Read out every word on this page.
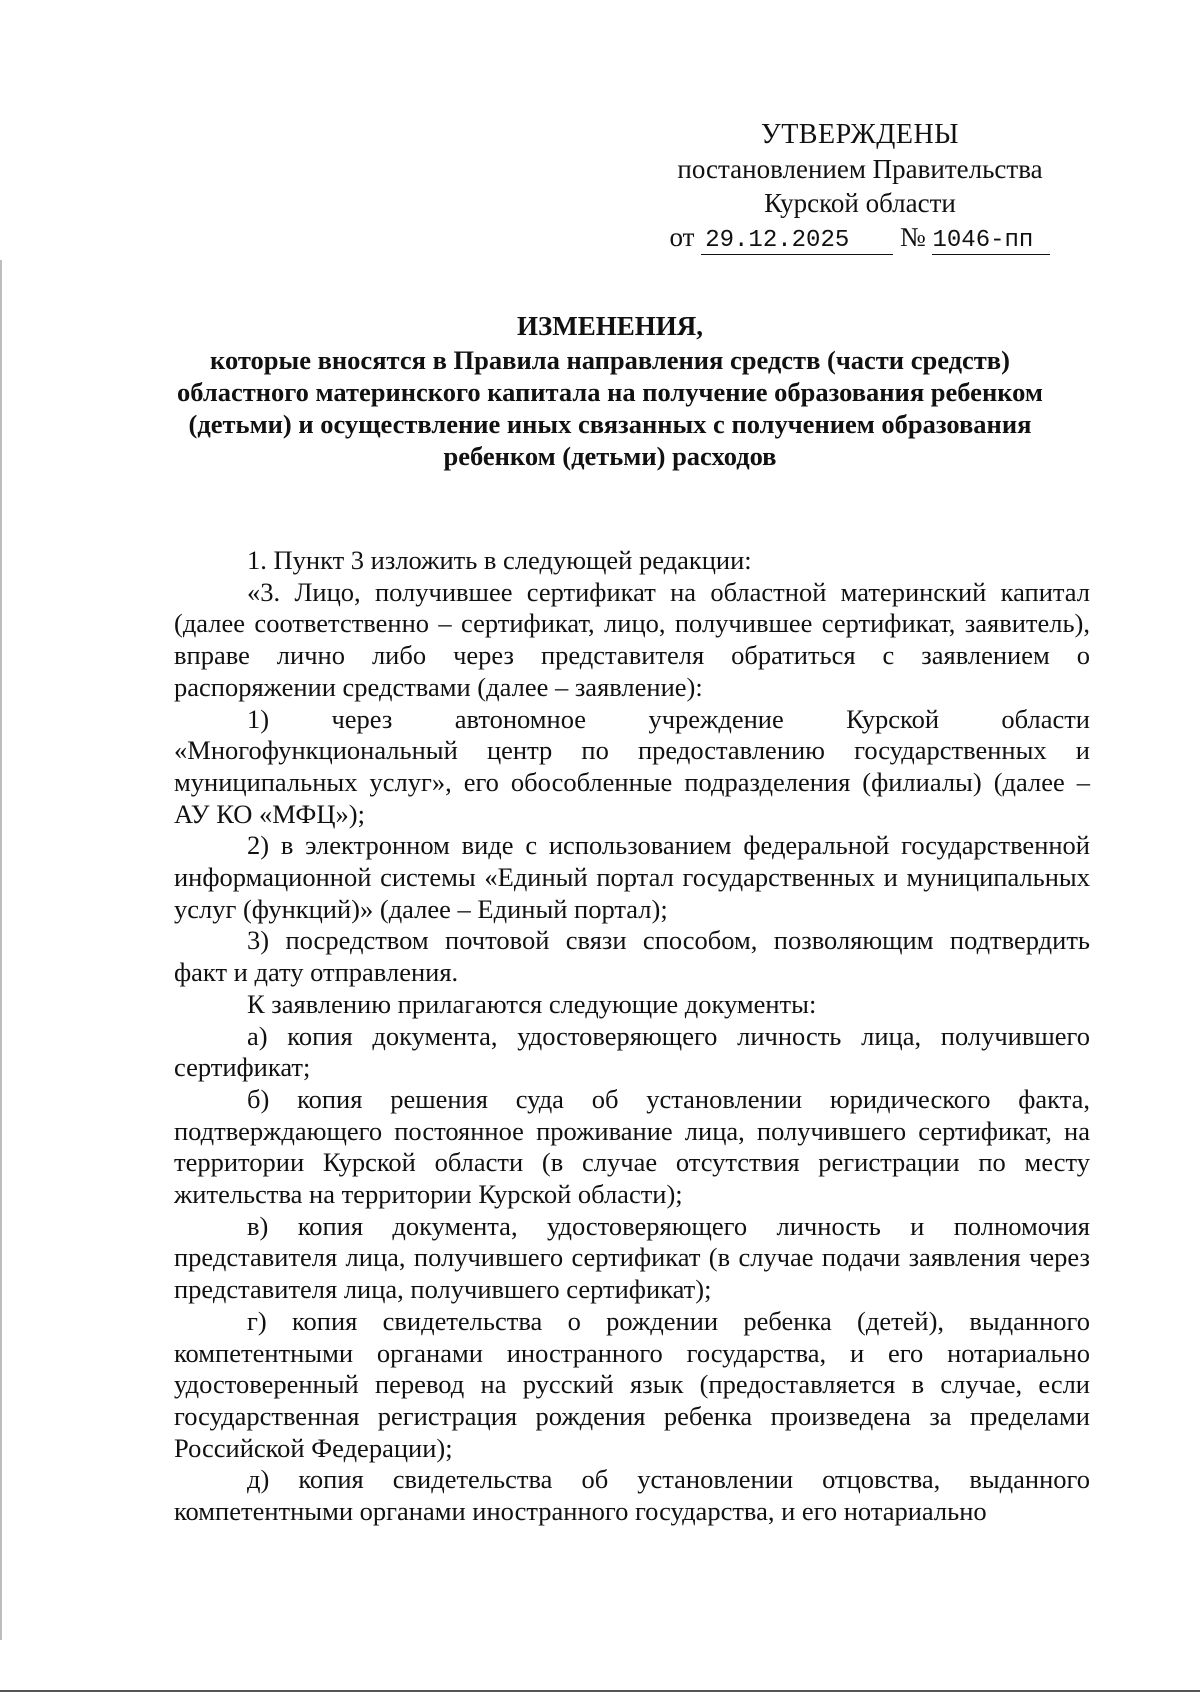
УТВЕРЖДЕНЫ
постановлением Правительства
Курской области
от 29.12.2025 № 1046-пп
ИЗМЕНЕНИЯ,
которые вносятся в Правила направления средств (части средств) областного материнского капитала на получение образования ребенком (детьми) и осуществление иных связанных с получением образования ребенком (детьми) расходов

1. Пункт 3 изложить в следующей редакции:

«3. Лицо, получившее сертификат на областной материнский капитал (далее соответственно – сертификат, лицо, получившее сертификат, заявитель), вправе лично либо через представителя обратиться с заявлением о распоряжении средствами (далее – заявление):

1) через автономное учреждение Курской области «Многофункциональный центр по предоставлению государственных и муниципальных услуг», его обособленные подразделения (филиалы) (далее – АУ КО «МФЦ»);

2) в электронном виде с использованием федеральной государственной информационной системы «Единый портал государственных и муниципальных услуг (функций)» (далее – Единый портал);

3) посредством почтовой связи способом, позволяющим подтвердить факт и дату отправления.

К заявлению прилагаются следующие документы:

а) копия документа, удостоверяющего личность лица, получившего сертификат;

б) копия решения суда об установлении юридического факта, подтверждающего постоянное проживание лица, получившего сертификат, на территории Курской области (в случае отсутствия регистрации по месту жительства на территории Курской области);

в) копия документа, удостоверяющего личность и полномочия представителя лица, получившего сертификат (в случае подачи заявления через представителя лица, получившего сертификат);

г) копия свидетельства о рождении ребенка (детей), выданного компетентными органами иностранного государства, и его нотариально удостоверенный перевод на русский язык (предоставляется в случае, если государственная регистрация рождения ребенка произведена за пределами Российской Федерации);

д) копия свидетельства об установлении отцовства, выданного компетентными органами иностранного государства, и его нотариально
